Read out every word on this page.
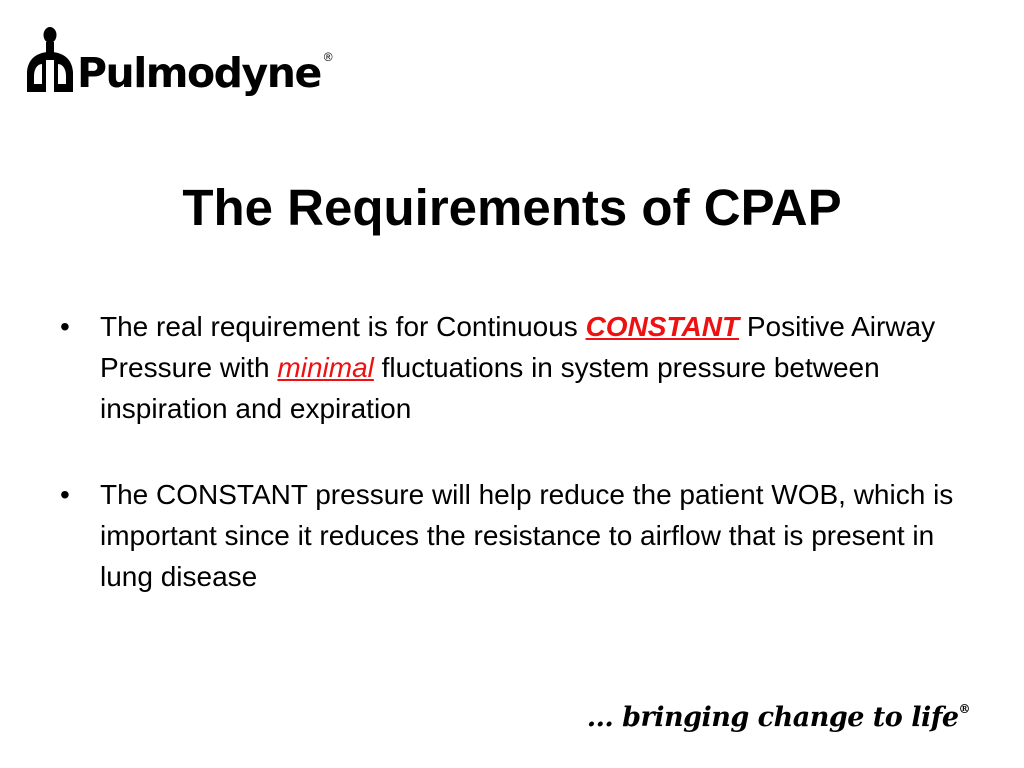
Pulmodyne ®
The Requirements of CPAP
• The real requirement is for Continuous CONSTANT Positive Airway Pressure with minimal fluctuations in system pressure between inspiration and expiration
• The CONSTANT pressure will help reduce the patient WOB, which is important since it reduces the resistance to airflow that is present in lung disease
… bringing change to life®
